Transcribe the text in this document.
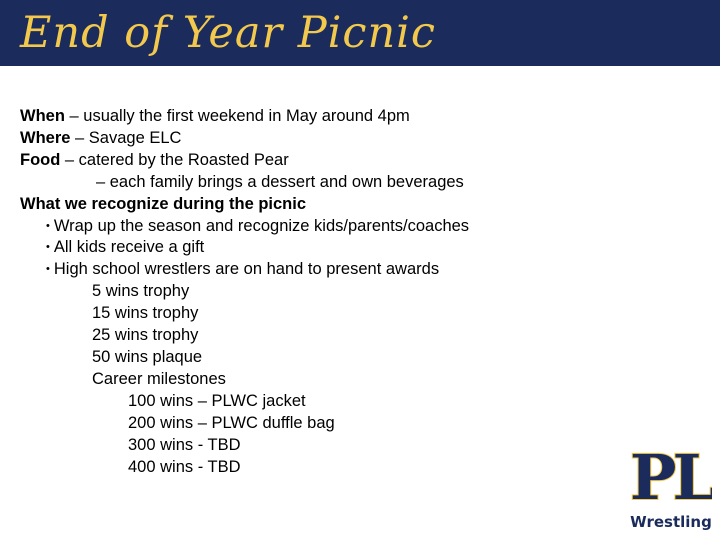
End of Year Picnic
When – usually the first weekend in May around 4pm
Where – Savage ELC
Food – catered by the Roasted Pear
– each family brings a dessert and own beverages
What we recognize during the picnic
• Wrap up the season and recognize kids/parents/coaches
• All kids receive a gift
• High school wrestlers are on hand to present awards
5 wins trophy
15 wins trophy
25 wins trophy
50 wins plaque
Career milestones
100 wins – PLWC jacket
200 wins – PLWC duffle bag
300 wins - TBD
400 wins - TBD	PL
Wrestling
